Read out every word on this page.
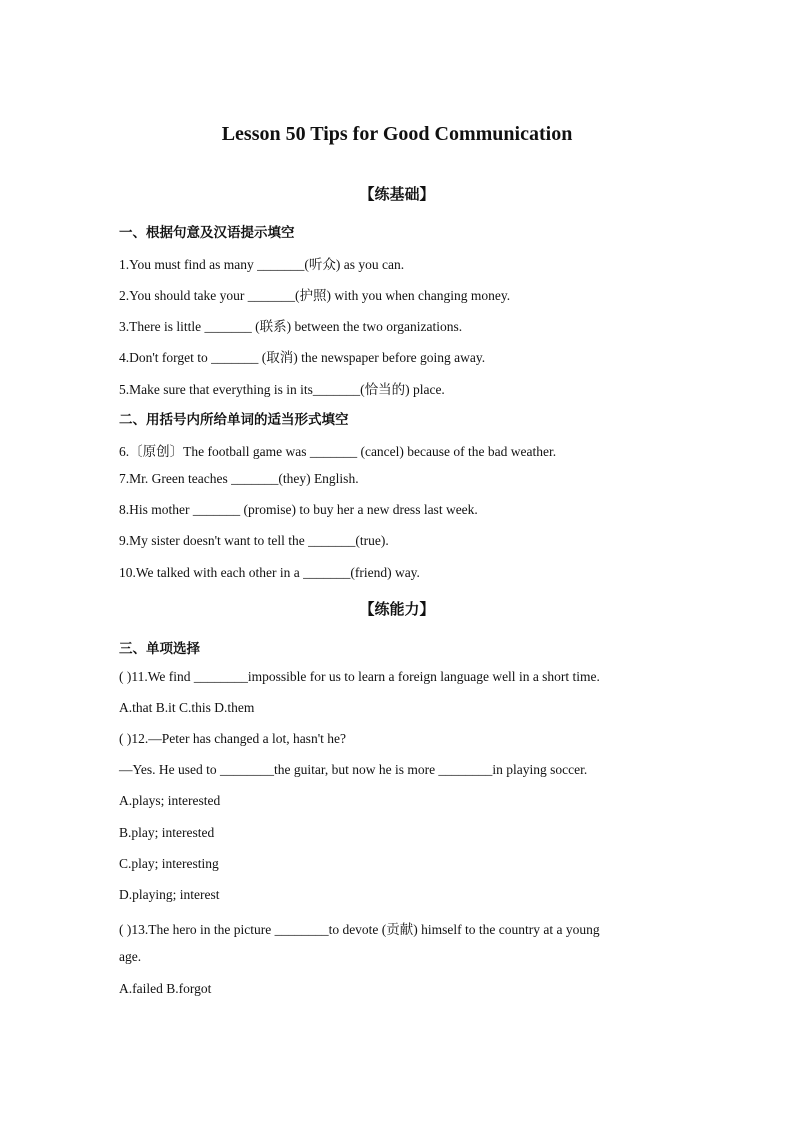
Lesson 50 Tips for Good Communication
【练基础】
一、根据句意及汉语提示填空
1.You must find as many _______(听众) as you can.
2.You should take your _______(护照) with you when changing money.
3.There is little _______ (联系) between the two organizations.
4.Don't forget to _______ (取消) the newspaper before going away.
5.Make sure that everything is in its_______(恰当的) place.
二、用括号内所给单词的适当形式填空
6.〔原创〕The football game was _______ (cancel) because of the bad weather.
7.Mr. Green teaches _______(they) English.
8.His mother _______ (promise) to buy her a new dress last week.
9.My sister doesn't want to tell the _______(true).
10.We talked with each other in a _______(friend) way.
【练能力】
三、单项选择
( )11.We find ________impossible for us to learn a foreign language well in a short time.
A.that B.it C.this D.them
( )12.—Peter has changed a lot, hasn't he?
—Yes. He used to ________the guitar, but now he is more ________in playing soccer.
A.plays; interested
B.play; interested
C.play; interesting
D.playing; interest
( )13.The hero in the picture ________to devote (贡献) himself to the country at a young
age.
A.failed B.forgot
